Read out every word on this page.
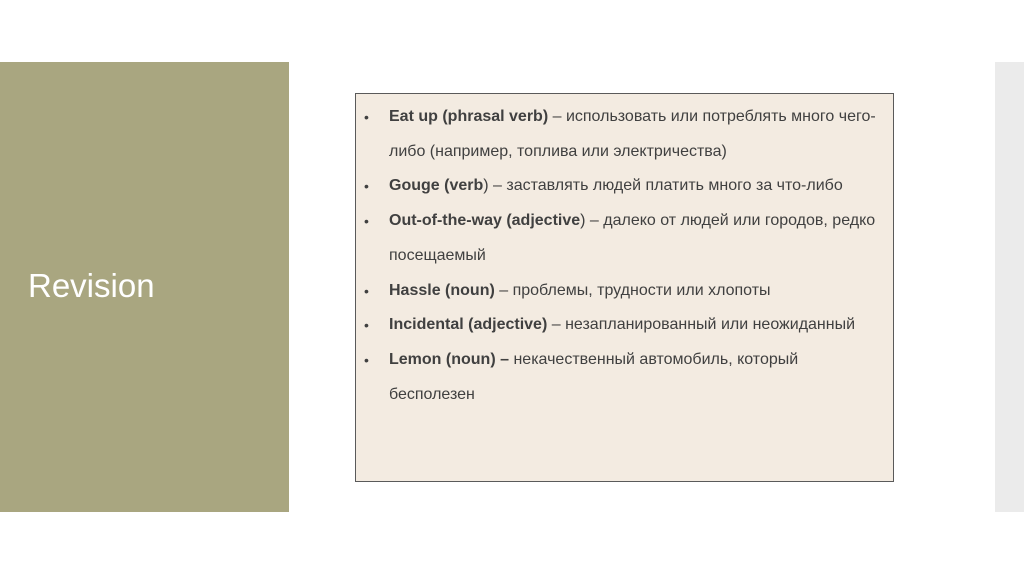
Revision
• Eat up (phrasal verb) – использовать или потреблять много чего-либо (например, топлива или электричества)
• Gouge (verb) – заставлять людей платить много за что-либо
• Out-of-the-way (adjective) – далеко от людей или городов, редко посещаемый
• Hassle (noun) – проблемы, трудности или хлопоты
• Incidental (adjective) – незапланированный или неожиданный
• Lemon (noun) – некачественный автомобиль, который бесполезен
